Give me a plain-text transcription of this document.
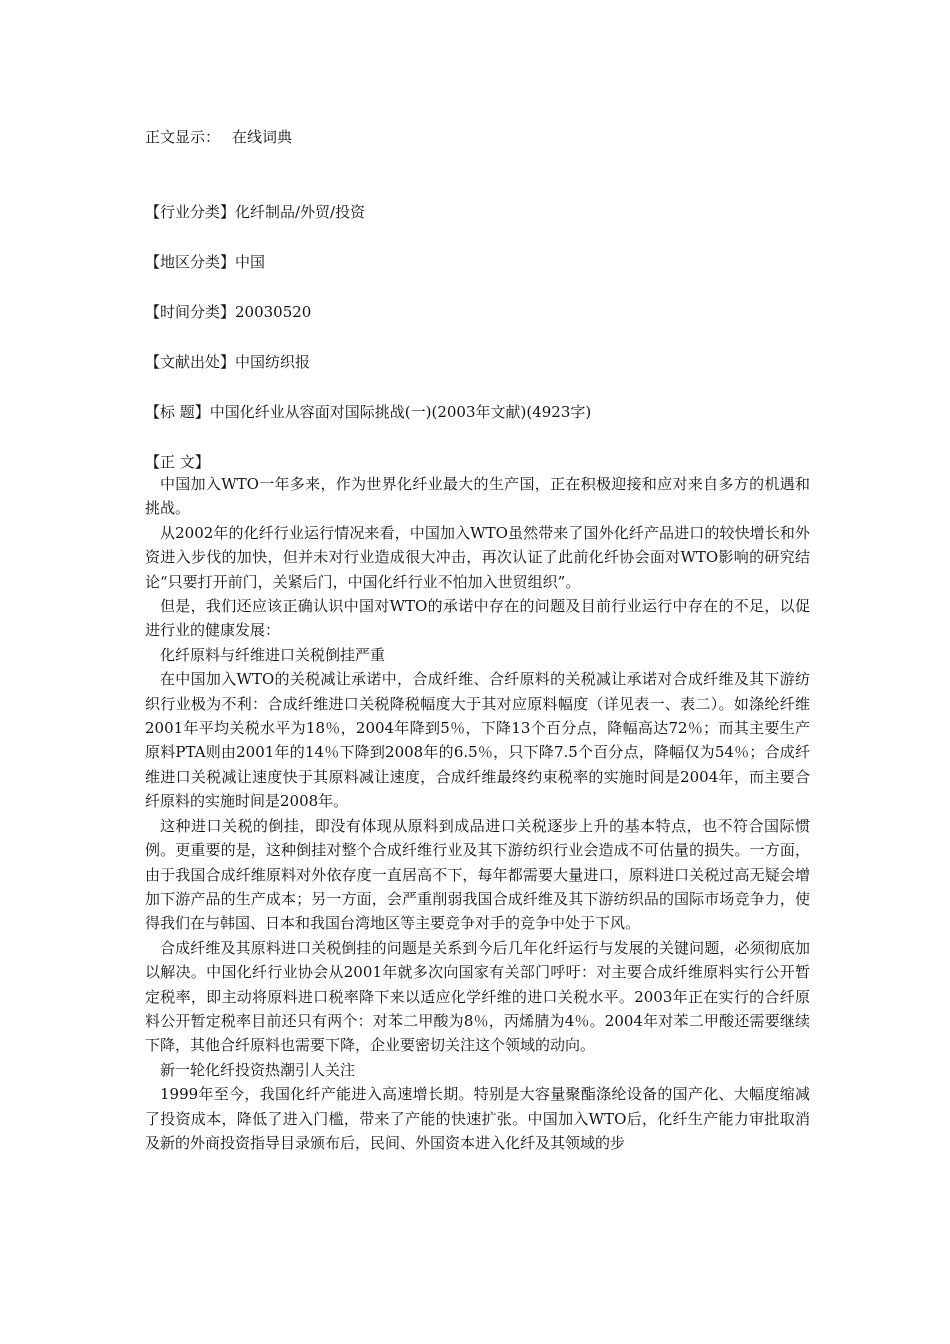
正文显示： 在线词典
【行业分类】化纤制品/外贸/投资
【地区分类】中国
【时间分类】20030520
【文献出处】中国纺织报
【标 题】中国化纤业从容面对国际挑战(一)(2003年文献)(4923字)
【正 文】

中国加入WTO一年多来，作为世界化纤业最大的生产国，正在积极迎接和应对来自多方的机遇和挑战。

从2002年的化纤行业运行情况来看，中国加入WTO虽然带来了国外化纤产品进口的较快增长和外资进入步伐的加快，但并未对行业造成很大冲击，再次认证了此前化纤协会面对WTO影响的研究结论“只要打开前门，关紧后门，中国化纤行业不怕加入世贸组织”。

但是，我们还应该正确认识中国对WTO的承诺中存在的问题及目前行业运行中存在的不足，以促进行业的健康发展：

化纤原料与纤维进口关税倒挂严重

在中国加入WTO的关税减让承诺中，合成纤维、合纤原料的关税减让承诺对合成纤维及其下游纺织行业极为不利：合成纤维进口关税降税幅度大于其对应原料幅度（详见表一、表二）。如涤纶纤维2001年平均关税水平为18％，2004年降到5％，下降13个百分点，降幅高达72％；而其主要生产原料PTA则由2001年的14％下降到2008年的6.5％，只下降7.5个百分点，降幅仅为54％；合成纤维进口关税减让速度快于其原料减让速度，合成纤维最终约束税率的实施时间是2004年，而主要合纤原料的实施时间是2008年。

这种进口关税的倒挂，即没有体现从原料到成品进口关税逐步上升的基本特点，也不符合国际惯例。更重要的是，这种倒挂对整个合成纤维行业及其下游纺织行业会造成不可估量的损失。一方面，由于我国合成纤维原料对外依存度一直居高不下，每年都需要大量进口，原料进口关税过高无疑会增加下游产品的生产成本；另一方面，会严重削弱我国合成纤维及其下游纺织品的国际市场竞争力，使得我们在与韩国、日本和我国台湾地区等主要竞争对手的竞争中处于下风。

合成纤维及其原料进口关税倒挂的问题是关系到今后几年化纤运行与发展的关键问题，必须彻底加以解决。中国化纤行业协会从2001年就多次向国家有关部门呼吁：对主要合成纤维原料实行公开暂定税率，即主动将原料进口税率降下来以适应化学纤维的进口关税水平。2003年正在实行的合纤原料公开暂定税率目前还只有两个：对苯二甲酸为8％，丙烯腈为4％。2004年对苯二甲酸还需要继续下降，其他合纤原料也需要下降，企业要密切关注这个领域的动向。

新一轮化纤投资热潮引人关注

1999年至今，我国化纤产能进入高速增长期。特别是大容量聚酯涤纶设备的国产化、大幅度缩减了投资成本，降低了进入门槛，带来了产能的快速扩张。中国加入WTO后，化纤生产能力审批取消及新的外商投资指导目录颁布后，民间、外国资本进入化纤及其领域的步
